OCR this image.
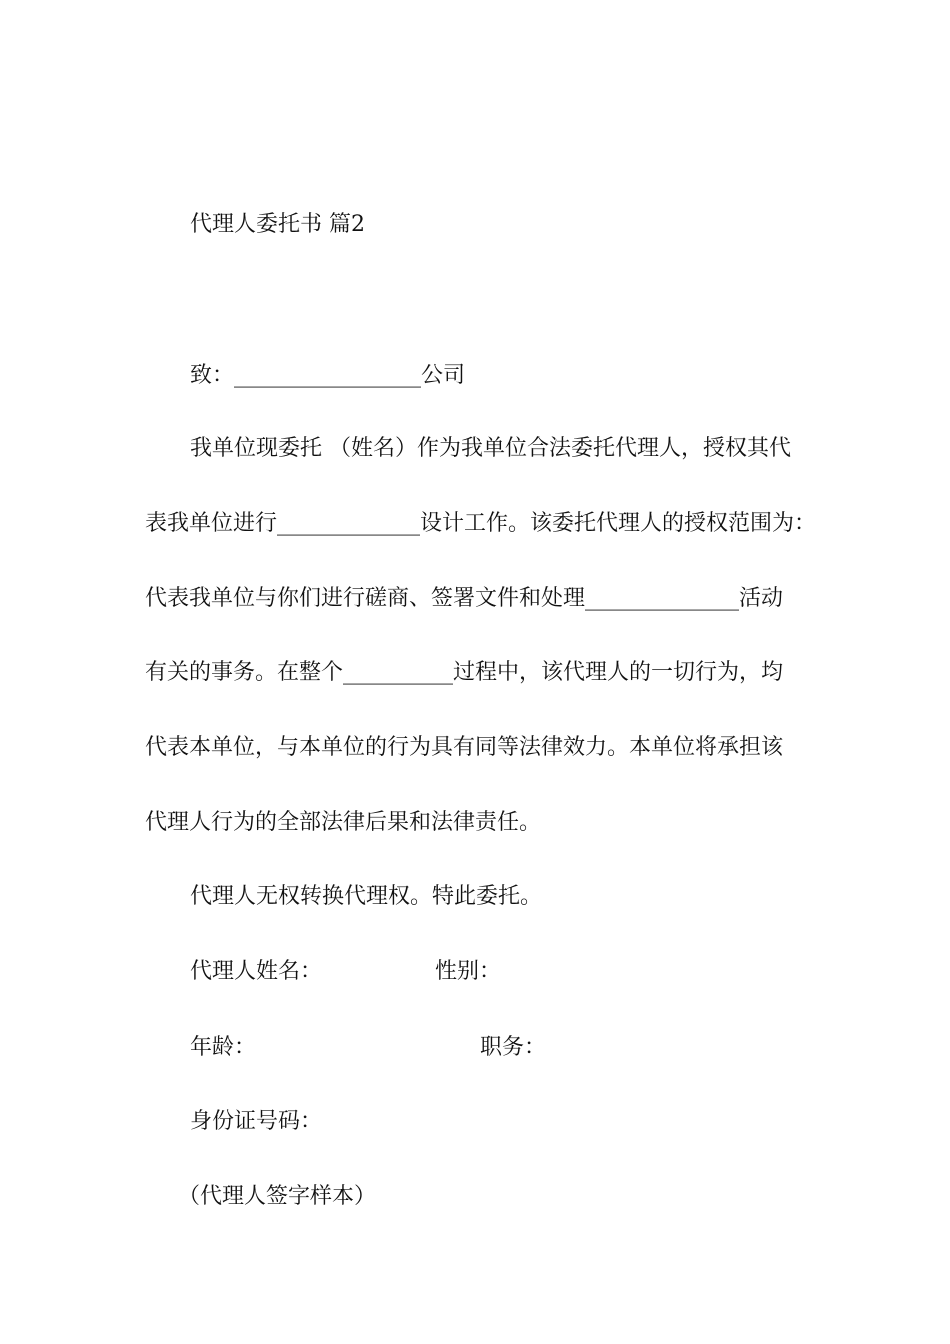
代理人委托书 篇2
致：_________________公司
我单位现委托 （姓名）作为我单位合法委托代理人，授权其代
表我单位进行_____________设计工作。该委托代理人的授权范围为：
代表我单位与你们进行磋商、签署文件和处理______________活动
有关的事务。在整个__________过程中，该代理人的一切行为，均
代表本单位，与本单位的行为具有同等法律效力。本单位将承担该
代理人行为的全部法律后果和法律责任。
代理人无权转换代理权。特此委托。
代理人姓名：	性别：
年龄：	职务：
身份证号码：
（代理人签字样本）
